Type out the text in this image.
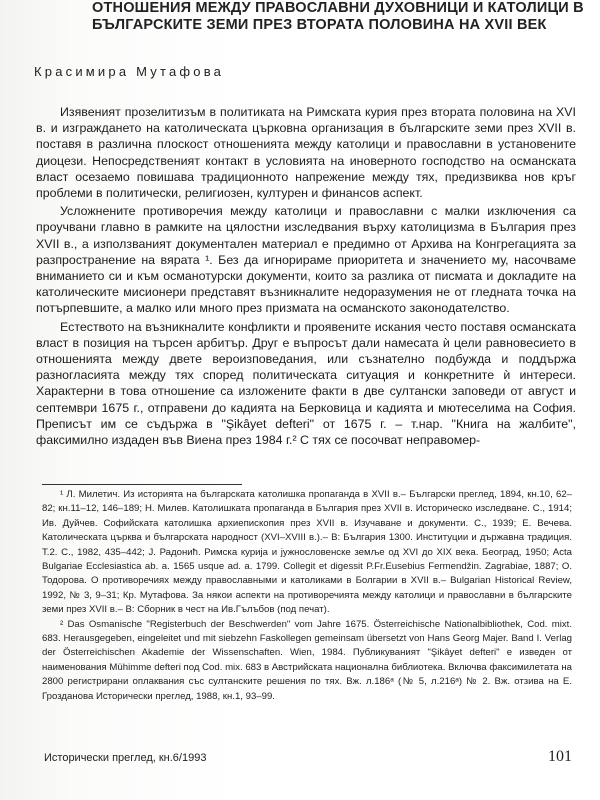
ОТНОШЕНИЯ МЕЖДУ ПРАВОСЛАВНИ ДУХОВНИЦИ И КАТОЛИЦИ В
БЪЛГАРСКИТЕ ЗЕМИ ПРЕЗ ВТОРАТА ПОЛОВИНА НА XVII ВЕК
Красимира Мутафова

Изявеният прозелитизъм в политиката на Римската курия през втората половина на XVI в. и изграждането на католическата църковна организация в българските земи през XVII в. поставя в различна плоскост отношенията между католици и православни в установените диоцези. Непосредственият контакт в условията на иноверното господство на османската власт осезаемо повишава традиционното напрежение между тях, предизвиква нов кръг проблеми в политически, религиозен, културен и финансов аспект.

Усложнените противоречия между католици и православни с малки изключения са проучвани главно в рамките на цялостни изследвания върху католицизма в България през XVII в., а използваният документален материал е предимно от Архива на Конгрегацията за разпространение на вярата ¹. Без да игнорираме приоритета и значението му, насочваме вниманието си и към османотурски документи, които за разлика от писмата и докладите на католическите мисионери представят възникналите недоразумения не от гледната точка на потърпевшите, а малко или много през призмата на османското законодателство.

Естеството на възникналите конфликти и проявените искания често поставя османската власт в позиция на търсен арбитър. Друг е въпросът дали намесата ѝ цели равновесието в отношенията между двете вероизповедания, или съзнателно подбужда и поддържа разногласията между тях според политическата ситуация и конкретните ѝ интереси. Характерни в това отношение са изложените факти в две султански заповеди от август и септември 1675 г., отправени до кадията на Берковица и кадията и мютеселима на София. Преписът им се съдържа в "Şikâyet defteri" от 1675 г. – т.нар. "Книга на жалбите", факсимилно издаден във Виена през 1984 г.² С тях се посочват неправомер-

¹ Л. Милетич. Из историята на българската католишка пропаганда в XVII в.– Български преглед, 1894, кн.10, 62–82; кн.11–12, 146–189; Н. Милев. Католишката пропаганда в България през XVII в. Историческо изследване. С., 1914; Ив. Дуйчев. Софийската католишка архиепископия през XVII в. Изучаване и документи. С., 1939; Е. Вечева. Католическата църква и българската народност (XVI–XVIII в.).– В: България 1300. Институции и държавна традиция. Т.2. С., 1982, 435–442; J. Радонић. Римска курија и јужнословенске земље од XVI до XIX века. Београд, 1950; Acta Bulgariae Ecclesiastica ab. a. 1565 usque ad. a. 1799. Collegit et digessit P.Fr.Eusebius Fermendžin. Zagrabiae, 1887; О. Тодорова. О противоречиях между православными и католиками в Болгарии в XVII в.– Bulgarian Historical Review, 1992, № 3, 9–31; Кр. Мутафова. За някои аспекти на противоречията между католици и православни в българските земи през XVII в.– В: Сборник в чест на Ив.Гълъбов (под печат).

² Das Osmanische "Registerbuch der Beschwerden" vom Jahre 1675. Österreichische Nationalbibliothek, Cod. mixt. 683. Herausgegeben, eingeleitet und mit siebzehn Faskollegen gemeinsam übersetzt von Hans Georg Majer. Band I. Verlag der Österreichischen Akademie der Wissenschaften. Wien, 1984. Публикуваният "Şikâyet defteri" е изведен от наименования Mühimme defteri под Cod. mix. 683 в Австрийската национална библиотека. Включва факсимилетата на 2800 регистрирани оплаквания със султанските решения по тях. Вж. л.186ᵃ (№ 5, л.216ᵃ) № 2. Вж. отзива на Е. Грозданова Исторически преглед, 1988, кн.1, 93–99.

Исторически преглед, кн.6/1993	101
